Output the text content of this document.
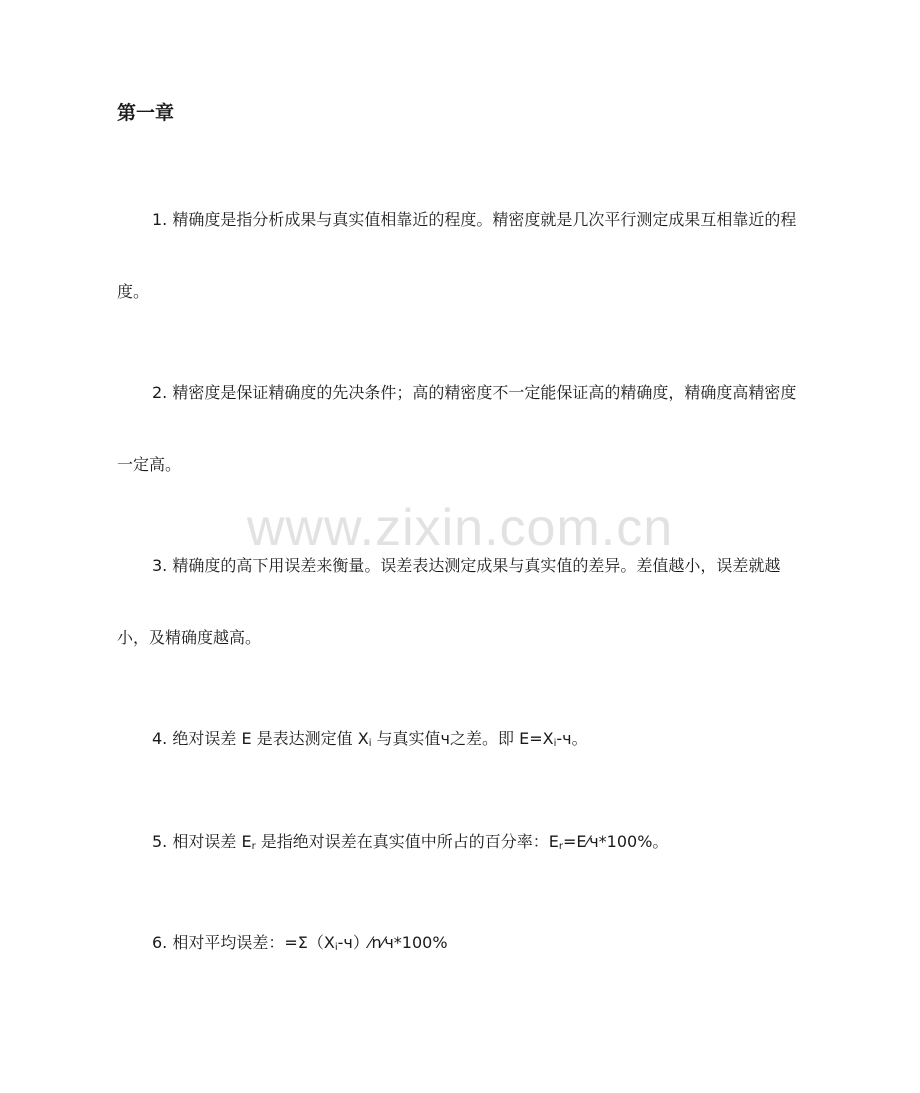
www.zixin.com.cn
第一章
1. 精确度是指分析成果与真实值相靠近的程度。精密度就是几次平行测定成果互相靠近的程度。
2. 精密度是保证精确度的先决条件；高的精密度不一定能保证高的精确度，精确度高精密度一定高。
3. 精确度的高下用误差来衡量。误差表达测定成果与真实值的差异。差值越小，误差就越小，及精确度越高。
4. 绝对误差 E 是表达测定值 $X_i$ 与真实值ч之差。即 $E=X_i-ч$。
5. 相对误差 $E_r$ 是指绝对误差在真实值中所占的百分率：$E_r=E⁄ч*100\%$。
6. 相对平均误差：$=\Sigma(X_i-ч)⁄n⁄ч*100\%$
